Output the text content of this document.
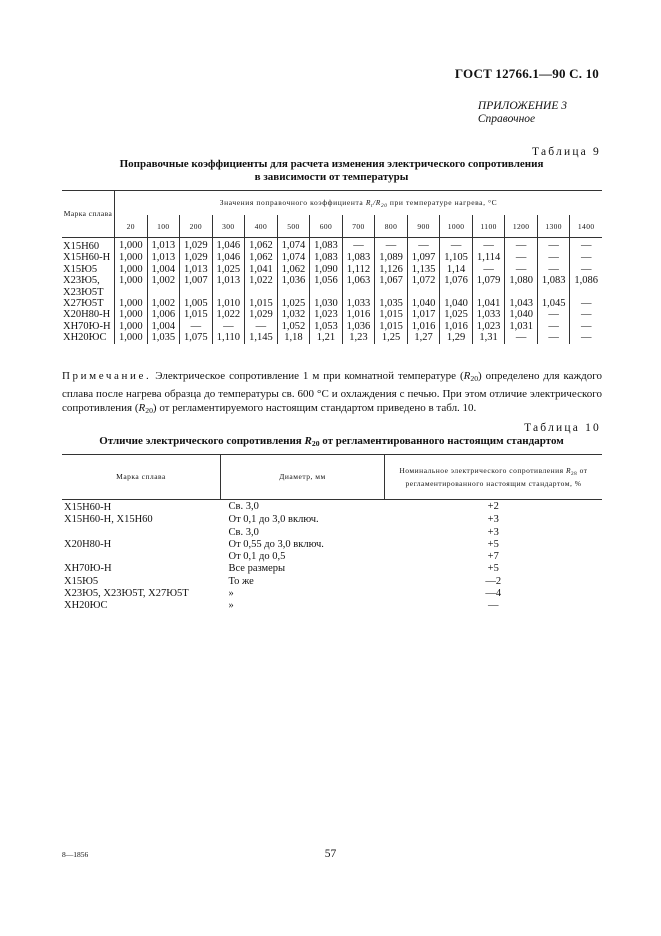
ГОСТ 12766.1—90 С. 10
ПРИЛОЖЕНИЕ 3
Справочное
Таблица 9
Поправочные коэффициенты для расчета изменения электрического сопротивления
в зависимости от температуры
Марка сплава	Значения поправочного коэффициента $R_t/R_{20}$ при температуре нагрева, °С														
	20	100	200	300	400	500	600	700	800	900	1000	1100	1200	1300	1400
Х15Н60	1,000	1,013	1,029	1,046	1,062	1,074	1,083	—	—	—	—	—	—	—	—
Х15Н60-Н	1,000	1,013	1,029	1,046	1,062	1,074	1,083	1,083	1,089	1,097	1,105	1,114	—	—	—
Х15Ю5	1,000	1,004	1,013	1,025	1,041	1,062	1,090	1,112	1,126	1,135	1,14	—	—	—	—
Х23Ю5,	1,000	1,002	1,007	1,013	1,022	1,036	1,056	1,063	1,067	1,072	1,076	1,079	1,080	1,083	1,086
Х23Ю5Т															
Х27Ю5Т	1,000	1,002	1,005	1,010	1,015	1,025	1,030	1,033	1,035	1,040	1,040	1,041	1,043	1,045	—
Х20Н80-Н	1,000	1,006	1,015	1,022	1,029	1,032	1,023	1,016	1,015	1,017	1,025	1,033	1,040	—	—
ХН70Ю-Н	1,000	1,004	—	—	—	1,052	1,053	1,036	1,015	1,016	1,016	1,023	1,031	—	—
ХН20ЮС	1,000	1,035	1,075	1,110	1,145	1,18	1,21	1,23	1,25	1,27	1,29	1,31	—	—	—
Примечание. Электрическое сопротивление 1 м при комнатной температуре $(R_{20})$ определено для каждого сплава после нагрева образца до температуры св. 600 °С и охлаждения с печью. При этом отличие электрического сопротивления $(R_{20})$ от регламентируемого настоящим стандартом приведено в табл. 10.
Таблица 10
Отличие электрического сопротивления $R_{20}$ от регламентированного настоящим стандартом
Марка сплава	Диаметр, мм	Номинальное электрического сопротивления $R_{28}$ от регламентированного настоящим стандартом, %
Х15Н60-Н	Св. 3,0	+2
Х15Н60-Н, Х15Н60	От 0,1 до 3,0 включ.	+3
	Св. 3,0	+3
Х20Н80-Н	От 0,55 до 3,0 включ.	+5
	От 0,1 до 0,5	+7
ХН70Ю-Н	Все размеры	+5
Х15Ю5	То же	—2
Х23Ю5, Х23Ю5Т, Х27Ю5Т	»	—4
ХН20ЮС	»	—
8—1856	57
